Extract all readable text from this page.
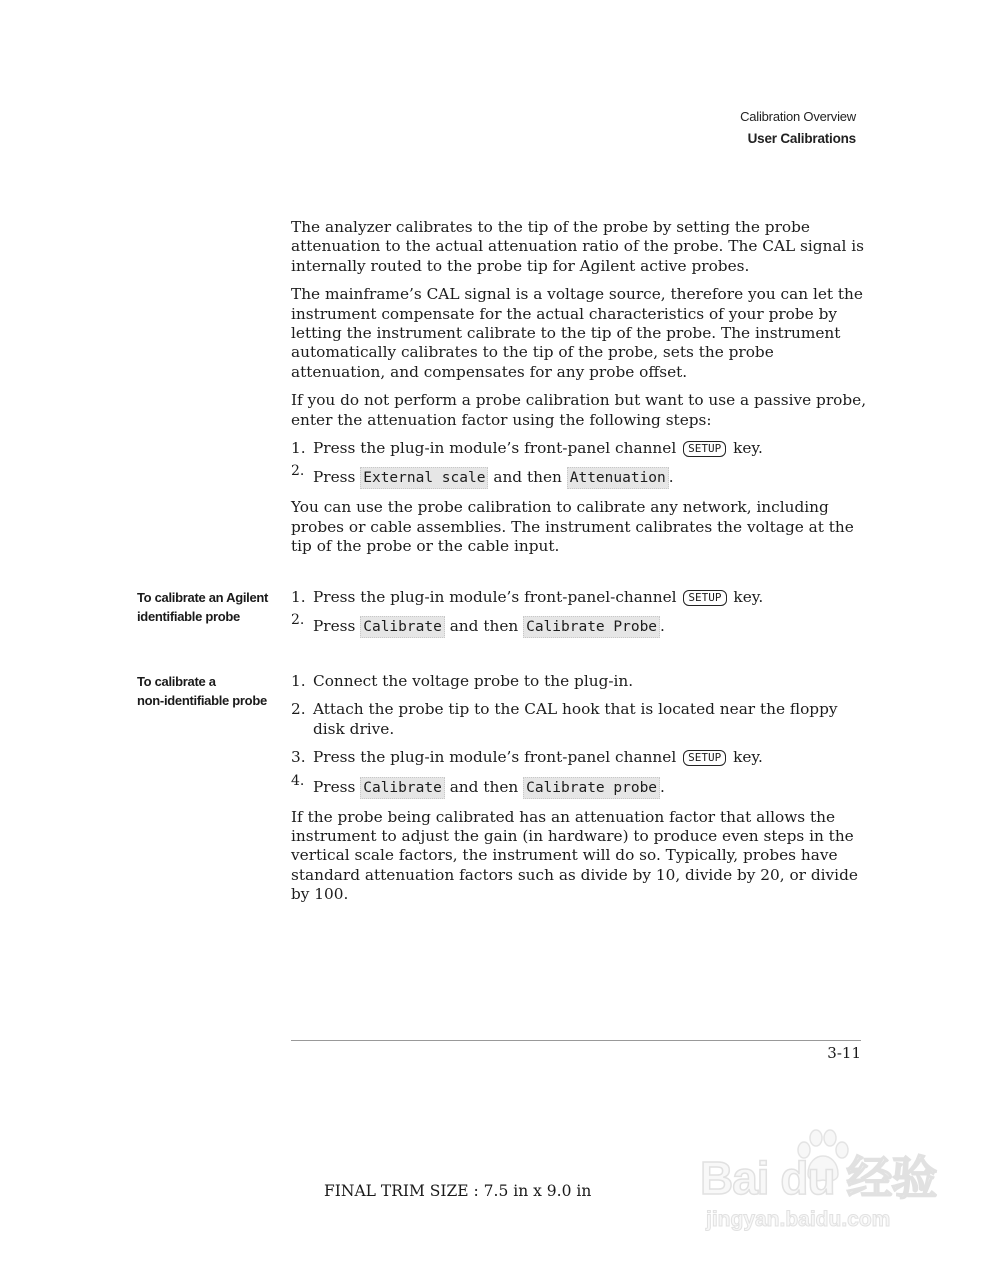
Calibration Overview
User Calibrations

The analyzer calibrates to the tip of the probe by setting the probe attenuation to the actual attenuation ratio of the probe. The CAL signal is internally routed to the probe tip for Agilent active probes.

The mainframe’s CAL signal is a voltage source, therefore you can let the instrument compensate for the actual characteristics of your probe by letting the instrument calibrate to the tip of the probe. The instrument automatically calibrates to the tip of the probe, sets the probe attenuation, and compensates for any probe offset.

If you do not perform a probe calibration but want to use a passive probe, enter the attenuation factor using the following steps:

1. Press the plug-in module’s front-panel channel SETUP key.
2. Press External scale and then Attenuation .

You can use the probe calibration to calibrate any network, including probes or cable assemblies. The instrument calibrates the voltage at the tip of the probe or the cable input.

To calibrate an Agilent
identifiable probe
1. Press the plug-in module’s front-panel-channel SETUP key.
2. Press Calibrate and then Calibrate Probe .
To calibrate a
non-identifiable probe
1. Connect the voltage probe to the plug-in.
2. Attach the probe tip to the CAL hook that is located near the floppy disk drive.
3. Press the plug-in module’s front-panel channel SETUP key.
4. Press Calibrate and then Calibrate probe .

If the probe being calibrated has an attenuation factor that allows the instrument to adjust the gain (in hardware) to produce even steps in the vertical scale factors, the instrument will do so. Typically, probes have standard attenuation factors such as divide by 10, divide by 20, or divide by 100.

3-11
FINAL TRIM SIZE : 7.5 in x 9.0 in Bai du 经验
jingyan.baidu.com
